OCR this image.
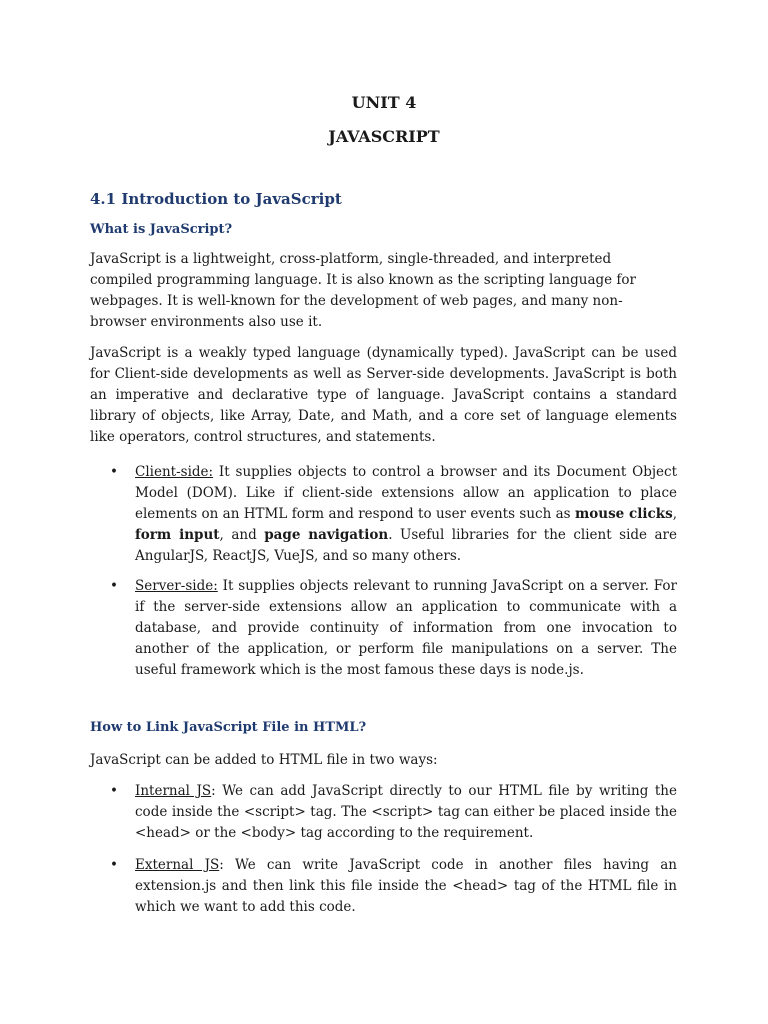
UNIT 4
JAVASCRIPT
4.1 Introduction to JavaScript
What is JavaScript?

JavaScript is a lightweight, cross-platform, single-threaded, and interpreted compiled programming language. It is also known as the scripting language for webpages. It is well-known for the development of web pages, and many non-browser environments also use it.

JavaScript is a weakly typed language (dynamically typed). JavaScript can be used for Client-side developments as well as Server-side developments. JavaScript is both an imperative and declarative type of language. JavaScript contains a standard library of objects, like Array, Date, and Math, and a core set of language elements like operators, control structures, and statements.

• Client-side: It supplies objects to control a browser and its Document Object Model (DOM). Like if client-side extensions allow an application to place elements on an HTML form and respond to user events such as mouse clicks, form input, and page navigation. Useful libraries for the client side are AngularJS, ReactJS, VueJS, and so many others.
• Server-side: It supplies objects relevant to running JavaScript on a server. For if the server-side extensions allow an application to communicate with a database, and provide continuity of information from one invocation to another of the application, or perform file manipulations on a server. The useful framework which is the most famous these days is node.js.
How to Link JavaScript File in HTML?

JavaScript can be added to HTML file in two ways:

• Internal JS: We can add JavaScript directly to our HTML file by writing the code inside the <script> tag. The <script> tag can either be placed inside the <head> or the <body> tag according to the requirement.
• External JS: We can write JavaScript code in another files having an extension.js and then link this file inside the <head> tag of the HTML file in which we want to add this code.
